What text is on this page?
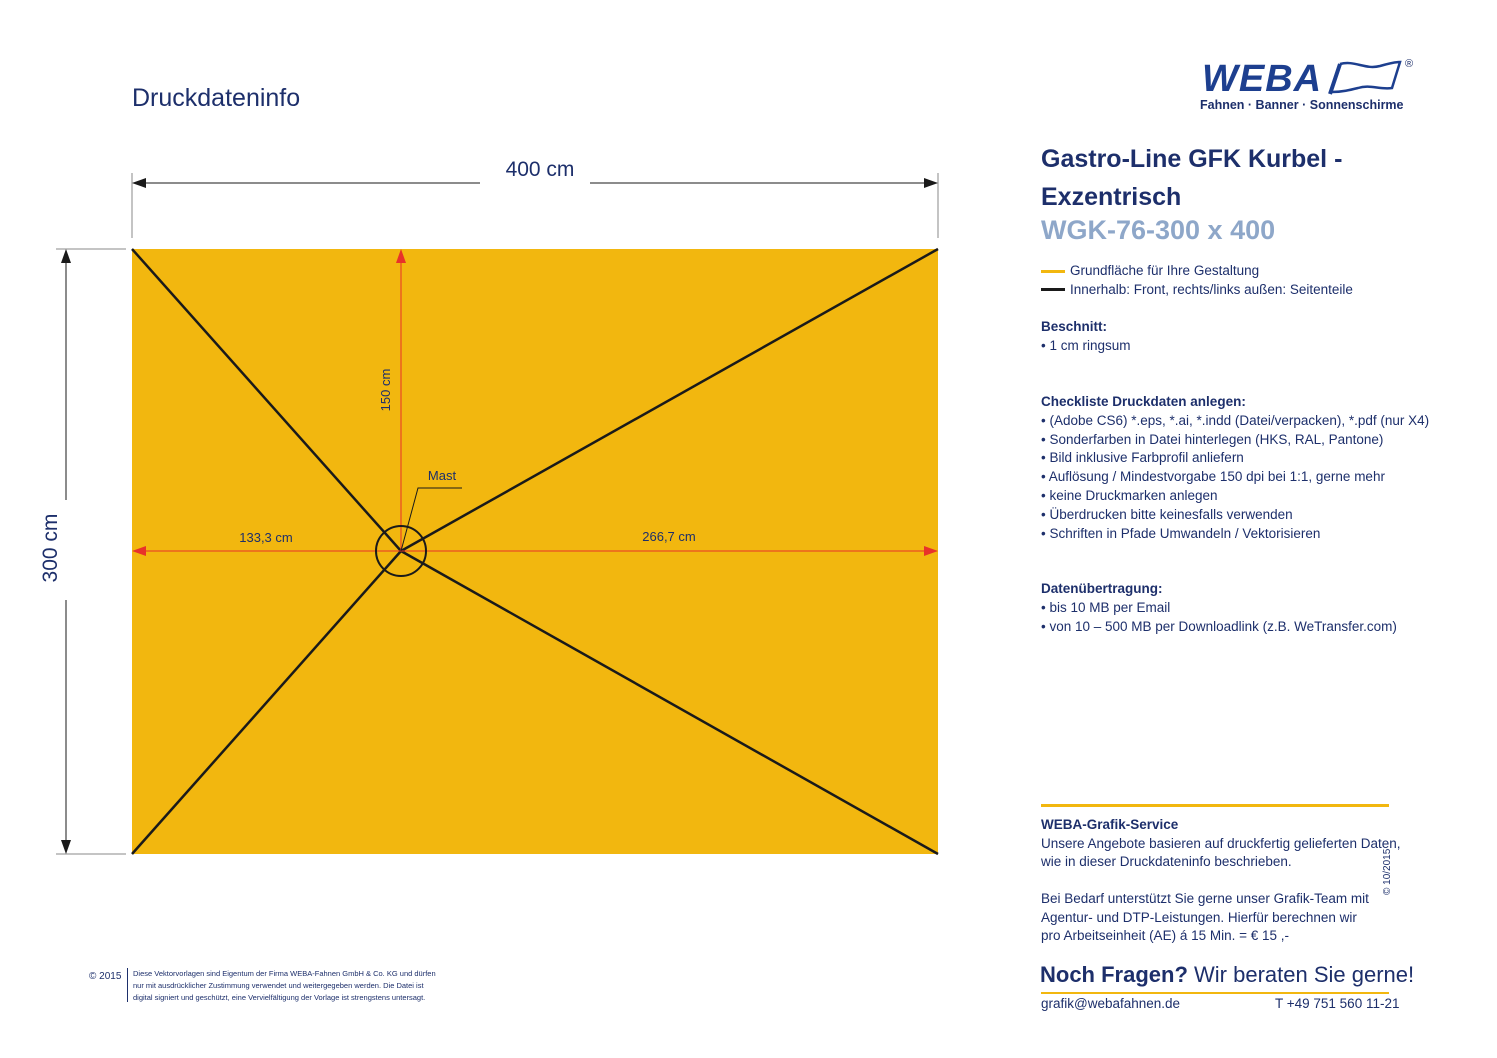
Druckdateninfo	WEBA	®
Fahnen · Banner · Sonnenschirme
Gastro-Line GFK Kurbel -
Exzentrisch
WGK-76-300 x 400
Grundfläche für Ihre Gestaltung
Innerhalb: Front, rechts/links außen: Seitenteile
Beschnitt:
• 1 cm ringsum
Checkliste Druckdaten anlegen:
• (Adobe CS6) *.eps, *.ai, *.indd (Datei/verpacken), *.pdf (nur X4)
• Sonderfarben in Datei hinterlegen (HKS, RAL, Pantone)
• Bild inklusive Farbprofil anliefern
• Auflösung / Mindestvorgabe 150 dpi bei 1:1, gerne mehr
• keine Druckmarken anlegen
• Überdrucken bitte keinesfalls verwenden
• Schriften in Pfade Umwandeln / Vektorisieren
Datenübertragung:
• bis 10 MB per Email
• von 10 – 500 MB per Downloadlink (z.B. WeTransfer.com)
WEBA-Grafik-Service
Unsere Angebote basieren auf druckfertig gelieferten Daten,
wie in dieser Druckdateninfo beschrieben.
Bei Bedarf unterstützt Sie gerne unser Grafik-Team mit
Agentur- und DTP-Leistungen. Hierfür berechnen wir
pro Arbeitseinheit (AE) á 15 Min. = € 15 ,-
© 10/2015
Noch Fragen? Wir beraten Sie gerne!
grafik@webafahnen.de	T +49 751 560 11-21
© 2015 Diese Vektorvorlagen sind Eigentum der Firma WEBA-Fahnen GmbH & Co. KG und dürfen
nur mit ausdrücklicher Zustimmung verwendet und weitergegeben werden. Die Datei ist
digital signiert und geschützt, eine Vervielfältigung der Vorlage ist strengstens untersagt.
400 cm
300 cm
150 cm
133,3 cm	266,7 cm
Mast
